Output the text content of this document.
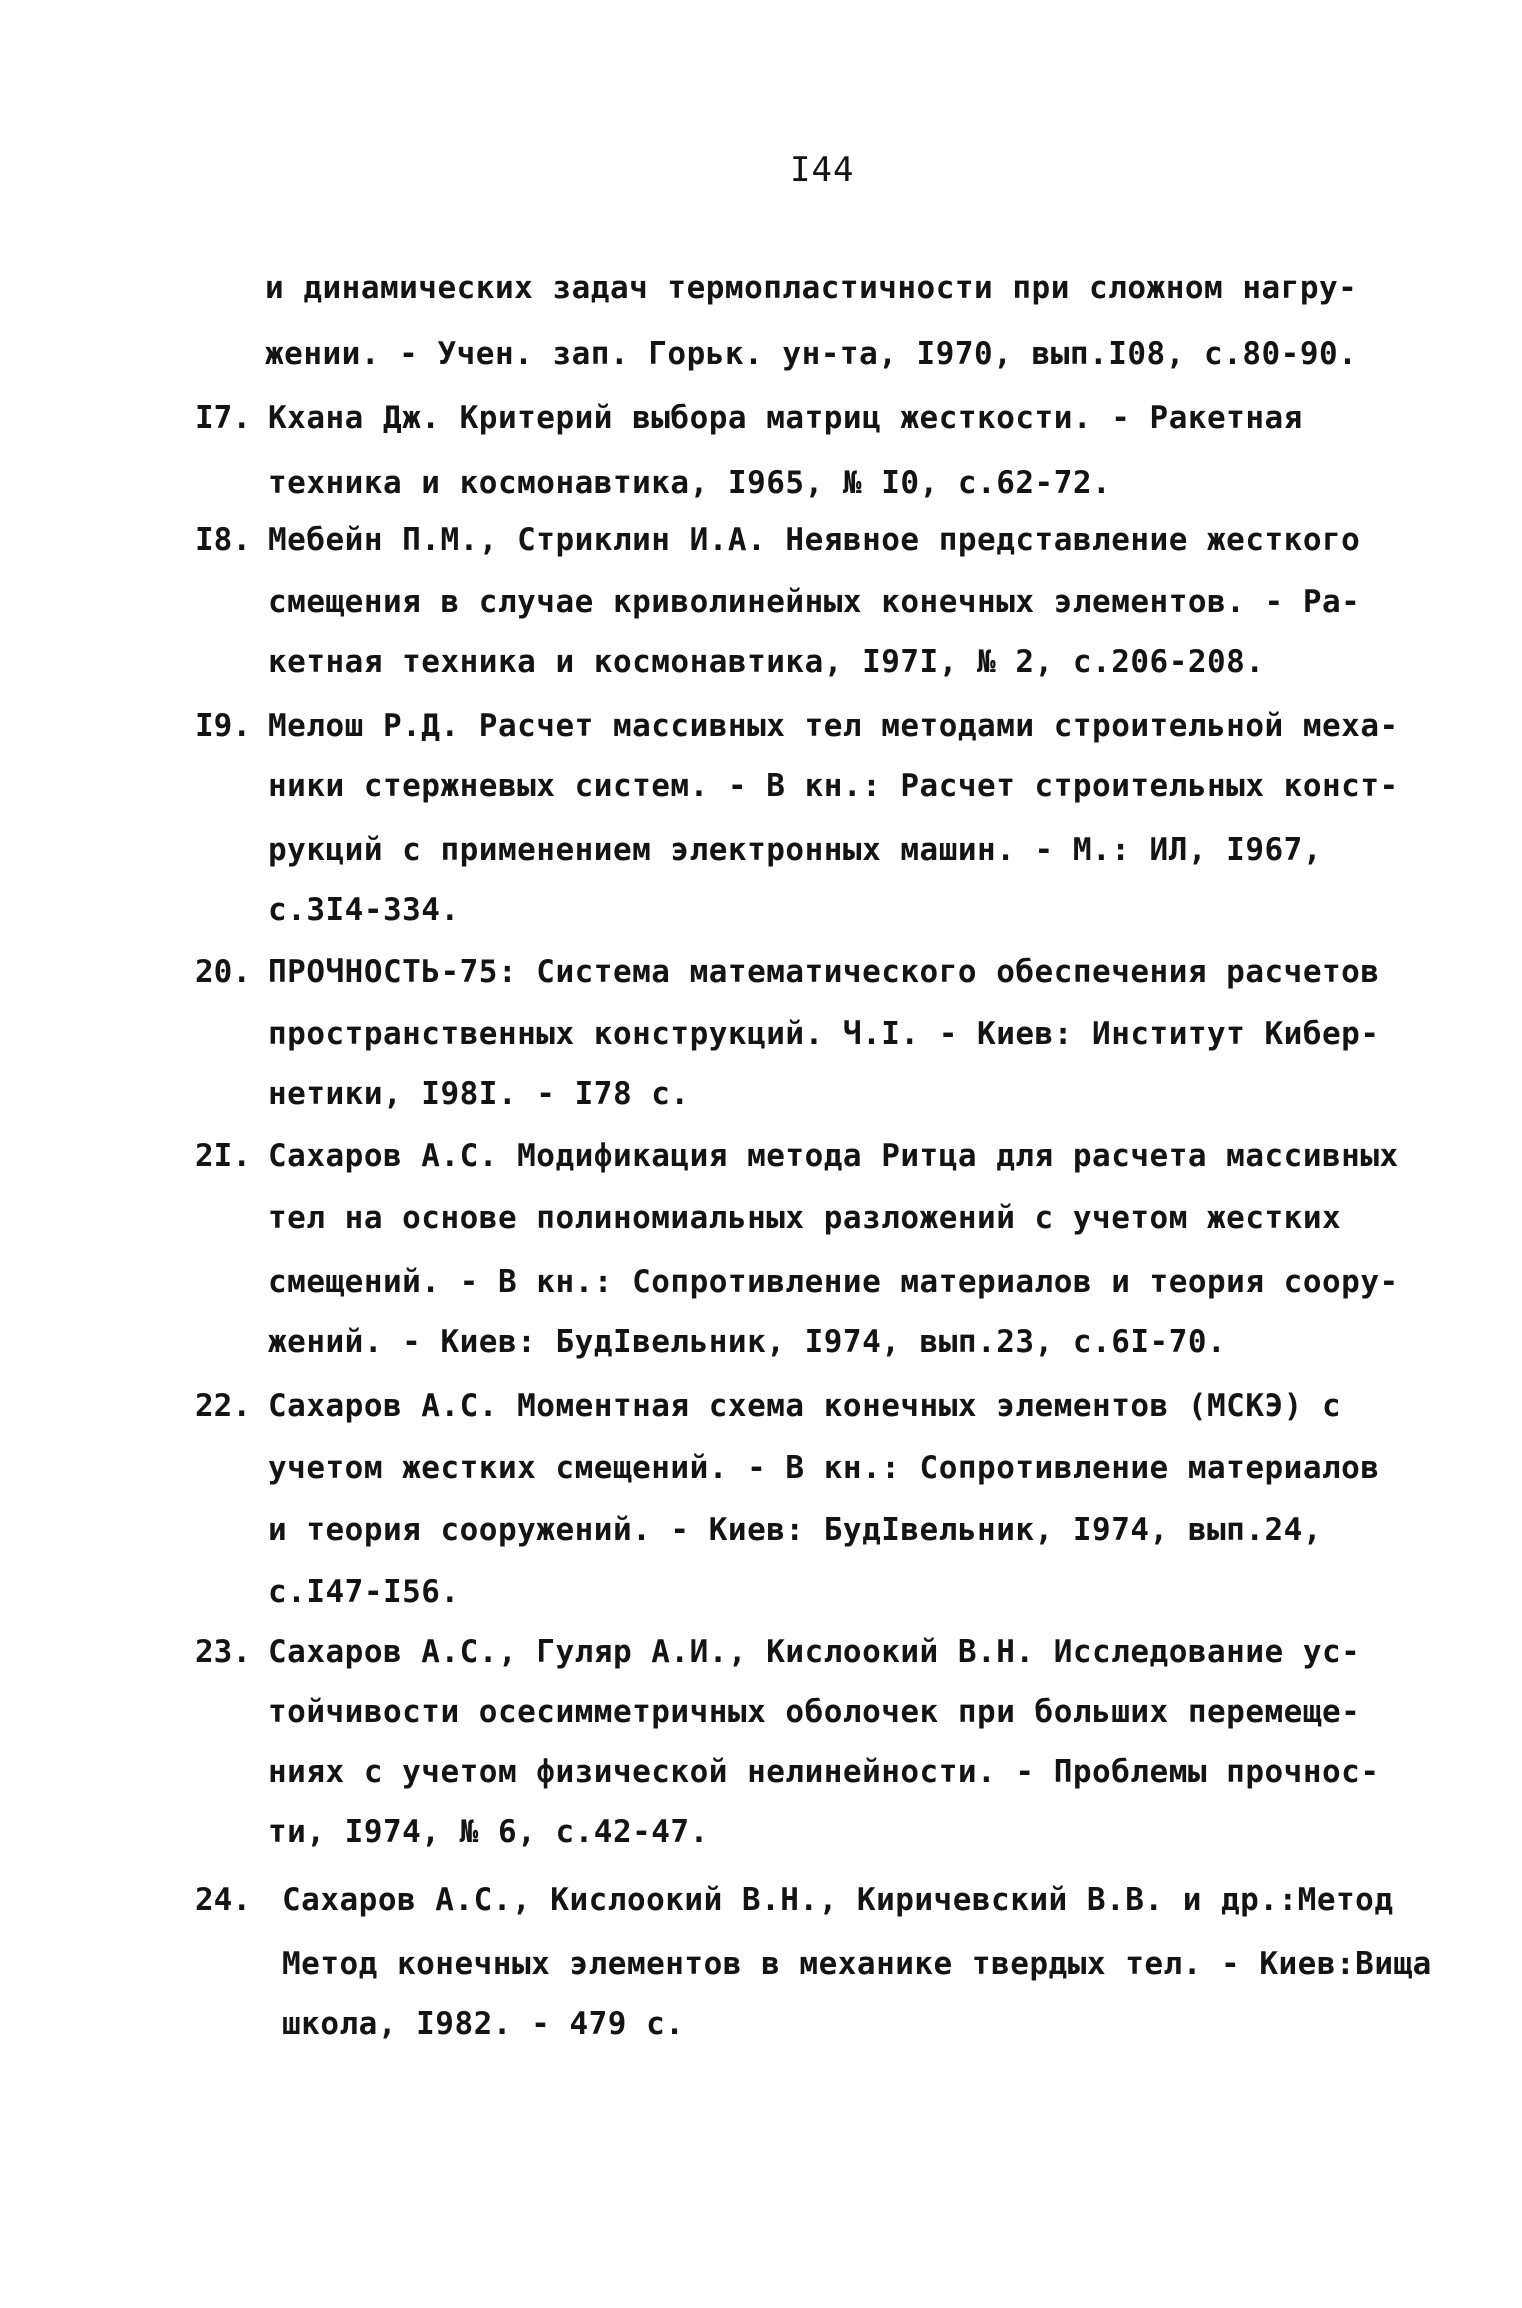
I44
и динамических задач термопластичности при сложном нагру-
жении. - Учен. зап. Горьк. ун-та, I970, вып.I08, с.80-90.
I7. Кхана Дж. Критерий выбора матриц жесткости. - Ракетная
техника и космонавтика, I965, № I0, с.62-72.
I8. Мебейн П.М., Стриклин И.А. Неявное представление жесткого
смещения в случае криволинейных конечных элементов. - Ра-
кетная техника и космонавтика, I97I, № 2, с.206-208.
I9. Мелош Р.Д. Расчет массивных тел методами строительной меха-
ники стержневых систем. - В кн.: Расчет строительных конст-
рукций с применением электронных машин. - М.: ИЛ, I967,
с.3I4-334.
20. ПРОЧНОСТЬ-75: Система математического обеспечения расчетов
пространственных конструкций. Ч.I. - Киев: Институт Кибер-
нетики, I98I. - I78 с.
2I. Сахаров А.С. Модификация метода Ритца для расчета массивных
тел на основе полиномиальных разложений с учетом жестких
смещений. - В кн.: Сопротивление материалов и теория соору-
жений. - Киев: БудІвельник, I974, вып.23, с.6I-70.
22. Сахаров А.С. Моментная схема конечных элементов (МСКЭ) с
учетом жестких смещений. - В кн.: Сопротивление материалов
и теория сооружений. - Киев: БудІвельник, I974, вып.24,
с.I47-I56.
23. Сахаров А.С., Гуляр А.И., Кислоокий В.Н. Исследование ус-
тойчивости осесимметричных оболочек при больших перемеще-
ниях с учетом физической нелинейности. - Проблемы прочнос-
ти, I974, № 6, с.42-47.
24. Сахаров А.С., Кислоокий В.Н., Киричевский В.В. и др.:Метод
Метод конечных элементов в механике твердых тел. - Киев:Вища
школа, I982. - 479 с.
